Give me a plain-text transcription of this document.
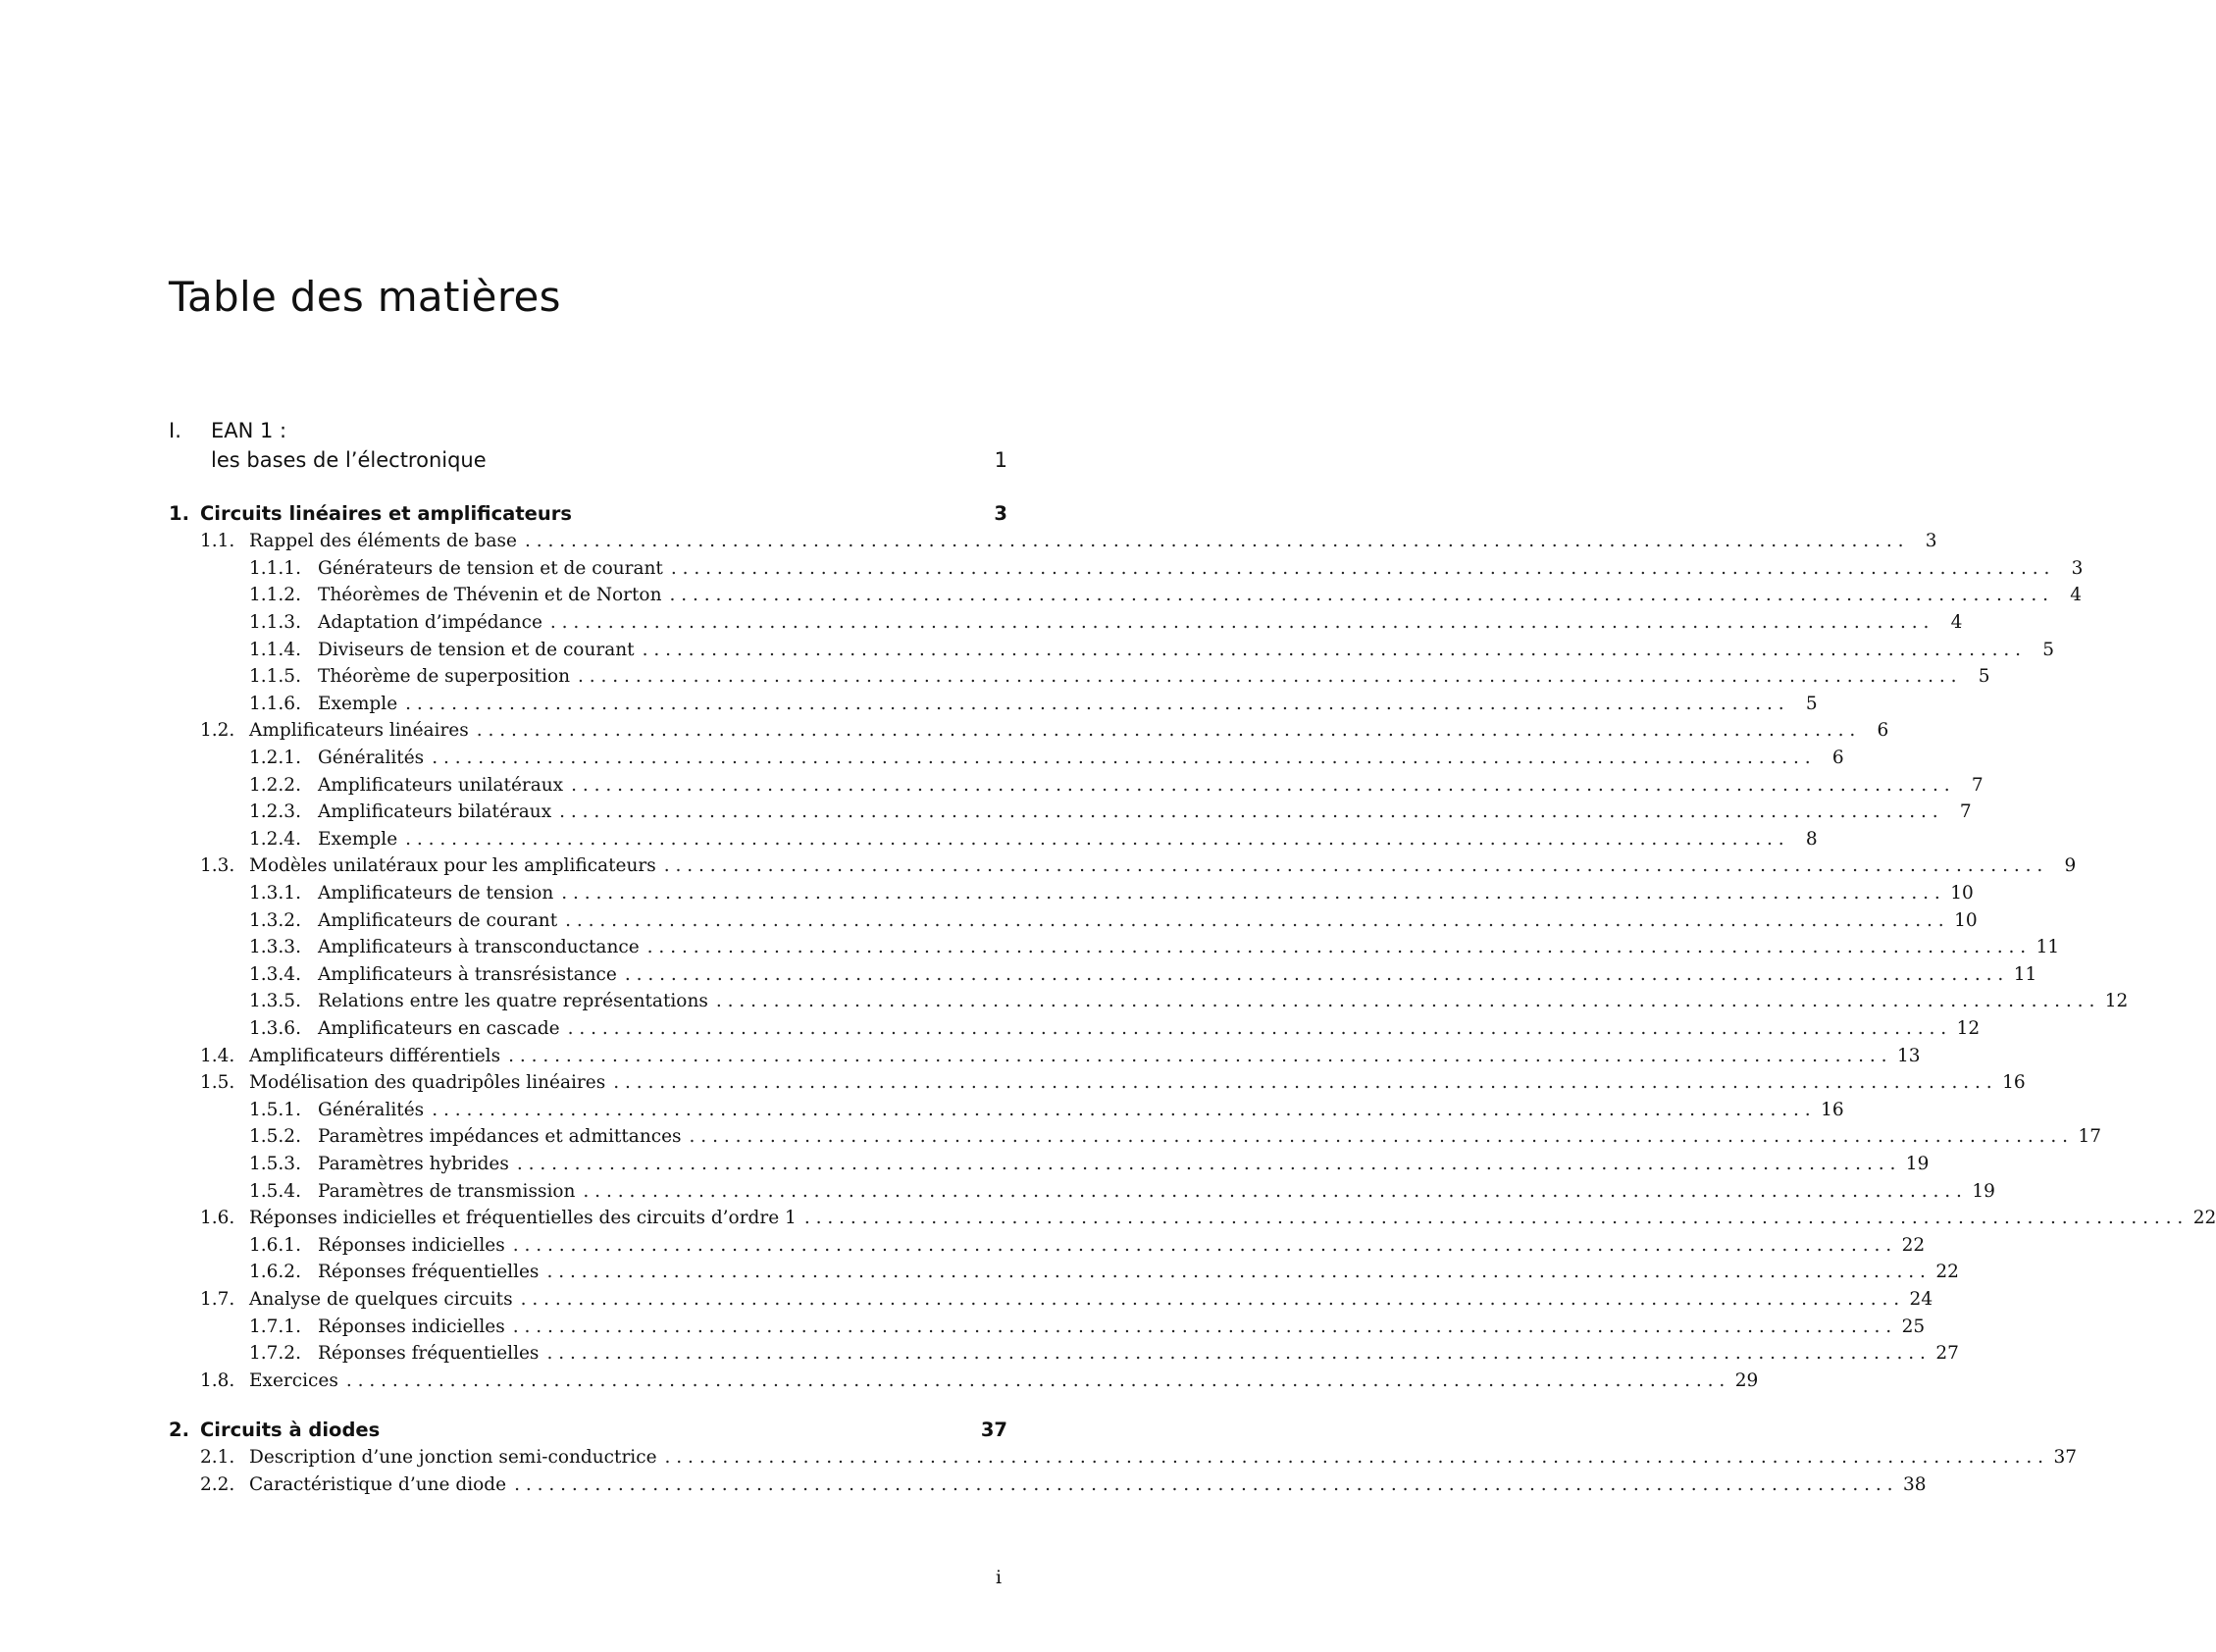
Table des matières
I. EAN 1 :
les bases de l’électronique	1
1. Circuits linéaires et amplificateurs	3
1.1. Rappel des éléments de base . . . . . . . . . . . . . . . . . . . . . . . . . . . . . . . . . . . . . . . . . . . . . . . . . . . . . . . . . . . . . . . . . . . . . . . . . . . . . . . . . . . . . . . . . . . . . . . . . . . . . . . . . . . . . . . . . . . . . . . .	3
1.1.1. Générateurs de tension et de courant . . . . . . . . . . . . . . . . . . . . . . . . . . . . . . . . . . . . . . . . . . . . . . . . . . . . . . . . . . . . . . . . . . . . . . . . . . . . . . . . . . . . . . . . . . . . . . . . . . . . . . . . . . . . . . . . . . . . . . . .	3
1.1.2. Théorèmes de Thévenin et de Norton . . . . . . . . . . . . . . . . . . . . . . . . . . . . . . . . . . . . . . . . . . . . . . . . . . . . . . . . . . . . . . . . . . . . . . . . . . . . . . . . . . . . . . . . . . . . . . . . . . . . . . . . . . . . . . . . . . . . . . . .	4
1.1.3. Adaptation d’impédance . . . . . . . . . . . . . . . . . . . . . . . . . . . . . . . . . . . . . . . . . . . . . . . . . . . . . . . . . . . . . . . . . . . . . . . . . . . . . . . . . . . . . . . . . . . . . . . . . . . . . . . . . . . . . . . . . . . . . . . .	4
1.1.4. Diviseurs de tension et de courant . . . . . . . . . . . . . . . . . . . . . . . . . . . . . . . . . . . . . . . . . . . . . . . . . . . . . . . . . . . . . . . . . . . . . . . . . . . . . . . . . . . . . . . . . . . . . . . . . . . . . . . . . . . . . . . . . . . . . . . .	5
1.1.5. Théorème de superposition . . . . . . . . . . . . . . . . . . . . . . . . . . . . . . . . . . . . . . . . . . . . . . . . . . . . . . . . . . . . . . . . . . . . . . . . . . . . . . . . . . . . . . . . . . . . . . . . . . . . . . . . . . . . . . . . . . . . . . . .	5
1.1.6. Exemple . . . . . . . . . . . . . . . . . . . . . . . . . . . . . . . . . . . . . . . . . . . . . . . . . . . . . . . . . . . . . . . . . . . . . . . . . . . . . . . . . . . . . . . . . . . . . . . . . . . . . . . . . . . . . . . . . . . . . . . .	5
1.2. Amplificateurs linéaires . . . . . . . . . . . . . . . . . . . . . . . . . . . . . . . . . . . . . . . . . . . . . . . . . . . . . . . . . . . . . . . . . . . . . . . . . . . . . . . . . . . . . . . . . . . . . . . . . . . . . . . . . . . . . . . . . . . . . . . .	6
1.2.1. Généralités . . . . . . . . . . . . . . . . . . . . . . . . . . . . . . . . . . . . . . . . . . . . . . . . . . . . . . . . . . . . . . . . . . . . . . . . . . . . . . . . . . . . . . . . . . . . . . . . . . . . . . . . . . . . . . . . . . . . . . . .	6
1.2.2. Amplificateurs unilatéraux . . . . . . . . . . . . . . . . . . . . . . . . . . . . . . . . . . . . . . . . . . . . . . . . . . . . . . . . . . . . . . . . . . . . . . . . . . . . . . . . . . . . . . . . . . . . . . . . . . . . . . . . . . . . . . . . . . . . . . . .	7
1.2.3. Amplificateurs bilatéraux . . . . . . . . . . . . . . . . . . . . . . . . . . . . . . . . . . . . . . . . . . . . . . . . . . . . . . . . . . . . . . . . . . . . . . . . . . . . . . . . . . . . . . . . . . . . . . . . . . . . . . . . . . . . . . . . . . . . . . . .	7
1.2.4. Exemple . . . . . . . . . . . . . . . . . . . . . . . . . . . . . . . . . . . . . . . . . . . . . . . . . . . . . . . . . . . . . . . . . . . . . . . . . . . . . . . . . . . . . . . . . . . . . . . . . . . . . . . . . . . . . . . . . . . . . . . .	8
1.3. Modèles unilatéraux pour les amplificateurs . . . . . . . . . . . . . . . . . . . . . . . . . . . . . . . . . . . . . . . . . . . . . . . . . . . . . . . . . . . . . . . . . . . . . . . . . . . . . . . . . . . . . . . . . . . . . . . . . . . . . . . . . . . . . . . . . . . . . . . .	9
1.3.1. Amplificateurs de tension . . . . . . . . . . . . . . . . . . . . . . . . . . . . . . . . . . . . . . . . . . . . . . . . . . . . . . . . . . . . . . . . . . . . . . . . . . . . . . . . . . . . . . . . . . . . . . . . . . . . . . . . . . . . . . . . . . . . . . . . 10
1.3.2. Amplificateurs de courant . . . . . . . . . . . . . . . . . . . . . . . . . . . . . . . . . . . . . . . . . . . . . . . . . . . . . . . . . . . . . . . . . . . . . . . . . . . . . . . . . . . . . . . . . . . . . . . . . . . . . . . . . . . . . . . . . . . . . . . . 10
1.3.3. Amplificateurs à transconductance . . . . . . . . . . . . . . . . . . . . . . . . . . . . . . . . . . . . . . . . . . . . . . . . . . . . . . . . . . . . . . . . . . . . . . . . . . . . . . . . . . . . . . . . . . . . . . . . . . . . . . . . . . . . . . . . . . . . . . . . 11
1.3.4. Amplificateurs à transrésistance . . . . . . . . . . . . . . . . . . . . . . . . . . . . . . . . . . . . . . . . . . . . . . . . . . . . . . . . . . . . . . . . . . . . . . . . . . . . . . . . . . . . . . . . . . . . . . . . . . . . . . . . . . . . . . . . . . . . . . . . 11
1.3.5. Relations entre les quatre représentations . . . . . . . . . . . . . . . . . . . . . . . . . . . . . . . . . . . . . . . . . . . . . . . . . . . . . . . . . . . . . . . . . . . . . . . . . . . . . . . . . . . . . . . . . . . . . . . . . . . . . . . . . . . . . . . . . . . . . . . . 12
1.3.6. Amplificateurs en cascade . . . . . . . . . . . . . . . . . . . . . . . . . . . . . . . . . . . . . . . . . . . . . . . . . . . . . . . . . . . . . . . . . . . . . . . . . . . . . . . . . . . . . . . . . . . . . . . . . . . . . . . . . . . . . . . . . . . . . . . . 12
1.4. Amplificateurs différentiels . . . . . . . . . . . . . . . . . . . . . . . . . . . . . . . . . . . . . . . . . . . . . . . . . . . . . . . . . . . . . . . . . . . . . . . . . . . . . . . . . . . . . . . . . . . . . . . . . . . . . . . . . . . . . . . . . . . . . . . . 13
1.5. Modélisation des quadripôles linéaires . . . . . . . . . . . . . . . . . . . . . . . . . . . . . . . . . . . . . . . . . . . . . . . . . . . . . . . . . . . . . . . . . . . . . . . . . . . . . . . . . . . . . . . . . . . . . . . . . . . . . . . . . . . . . . . . . . . . . . . . 16
1.5.1. Généralités . . . . . . . . . . . . . . . . . . . . . . . . . . . . . . . . . . . . . . . . . . . . . . . . . . . . . . . . . . . . . . . . . . . . . . . . . . . . . . . . . . . . . . . . . . . . . . . . . . . . . . . . . . . . . . . . . . . . . . . . 16
1.5.2. Paramètres impédances et admittances . . . . . . . . . . . . . . . . . . . . . . . . . . . . . . . . . . . . . . . . . . . . . . . . . . . . . . . . . . . . . . . . . . . . . . . . . . . . . . . . . . . . . . . . . . . . . . . . . . . . . . . . . . . . . . . . . . . . . . . . 17
1.5.3. Paramètres hybrides . . . . . . . . . . . . . . . . . . . . . . . . . . . . . . . . . . . . . . . . . . . . . . . . . . . . . . . . . . . . . . . . . . . . . . . . . . . . . . . . . . . . . . . . . . . . . . . . . . . . . . . . . . . . . . . . . . . . . . . . 19
1.5.4. Paramètres de transmission . . . . . . . . . . . . . . . . . . . . . . . . . . . . . . . . . . . . . . . . . . . . . . . . . . . . . . . . . . . . . . . . . . . . . . . . . . . . . . . . . . . . . . . . . . . . . . . . . . . . . . . . . . . . . . . . . . . . . . . . 19
1.6. Réponses indicielles et fréquentielles des circuits d’ordre 1 . . . . . . . . . . . . . . . . . . . . . . . . . . . . . . . . . . . . . . . . . . . . . . . . . . . . . . . . . . . . . . . . . . . . . . . . . . . . . . . . . . . . . . . . . . . . . . . . . . . . . . . . . . . . . . . . . . . . . . . . 22
1.6.1. Réponses indicielles . . . . . . . . . . . . . . . . . . . . . . . . . . . . . . . . . . . . . . . . . . . . . . . . . . . . . . . . . . . . . . . . . . . . . . . . . . . . . . . . . . . . . . . . . . . . . . . . . . . . . . . . . . . . . . . . . . . . . . . . 22
1.6.2. Réponses fréquentielles . . . . . . . . . . . . . . . . . . . . . . . . . . . . . . . . . . . . . . . . . . . . . . . . . . . . . . . . . . . . . . . . . . . . . . . . . . . . . . . . . . . . . . . . . . . . . . . . . . . . . . . . . . . . . . . . . . . . . . . . 22
1.7. Analyse de quelques circuits . . . . . . . . . . . . . . . . . . . . . . . . . . . . . . . . . . . . . . . . . . . . . . . . . . . . . . . . . . . . . . . . . . . . . . . . . . . . . . . . . . . . . . . . . . . . . . . . . . . . . . . . . . . . . . . . . . . . . . . . 24
1.7.1. Réponses indicielles . . . . . . . . . . . . . . . . . . . . . . . . . . . . . . . . . . . . . . . . . . . . . . . . . . . . . . . . . . . . . . . . . . . . . . . . . . . . . . . . . . . . . . . . . . . . . . . . . . . . . . . . . . . . . . . . . . . . . . . . 25
1.7.2. Réponses fréquentielles . . . . . . . . . . . . . . . . . . . . . . . . . . . . . . . . . . . . . . . . . . . . . . . . . . . . . . . . . . . . . . . . . . . . . . . . . . . . . . . . . . . . . . . . . . . . . . . . . . . . . . . . . . . . . . . . . . . . . . . . 27
1.8. Exercices . . . . . . . . . . . . . . . . . . . . . . . . . . . . . . . . . . . . . . . . . . . . . . . . . . . . . . . . . . . . . . . . . . . . . . . . . . . . . . . . . . . . . . . . . . . . . . . . . . . . . . . . . . . . . . . . . . . . . . . . 29
2. Circuits à diodes	37
2.1. Description d’une jonction semi-conductrice . . . . . . . . . . . . . . . . . . . . . . . . . . . . . . . . . . . . . . . . . . . . . . . . . . . . . . . . . . . . . . . . . . . . . . . . . . . . . . . . . . . . . . . . . . . . . . . . . . . . . . . . . . . . . . . . . . . . . . . . 37
2.2. Caractéristique d’une diode . . . . . . . . . . . . . . . . . . . . . . . . . . . . . . . . . . . . . . . . . . . . . . . . . . . . . . . . . . . . . . . . . . . . . . . . . . . . . . . . . . . . . . . . . . . . . . . . . . . . . . . . . . . . . . . . . . . . . . . . 38
i
